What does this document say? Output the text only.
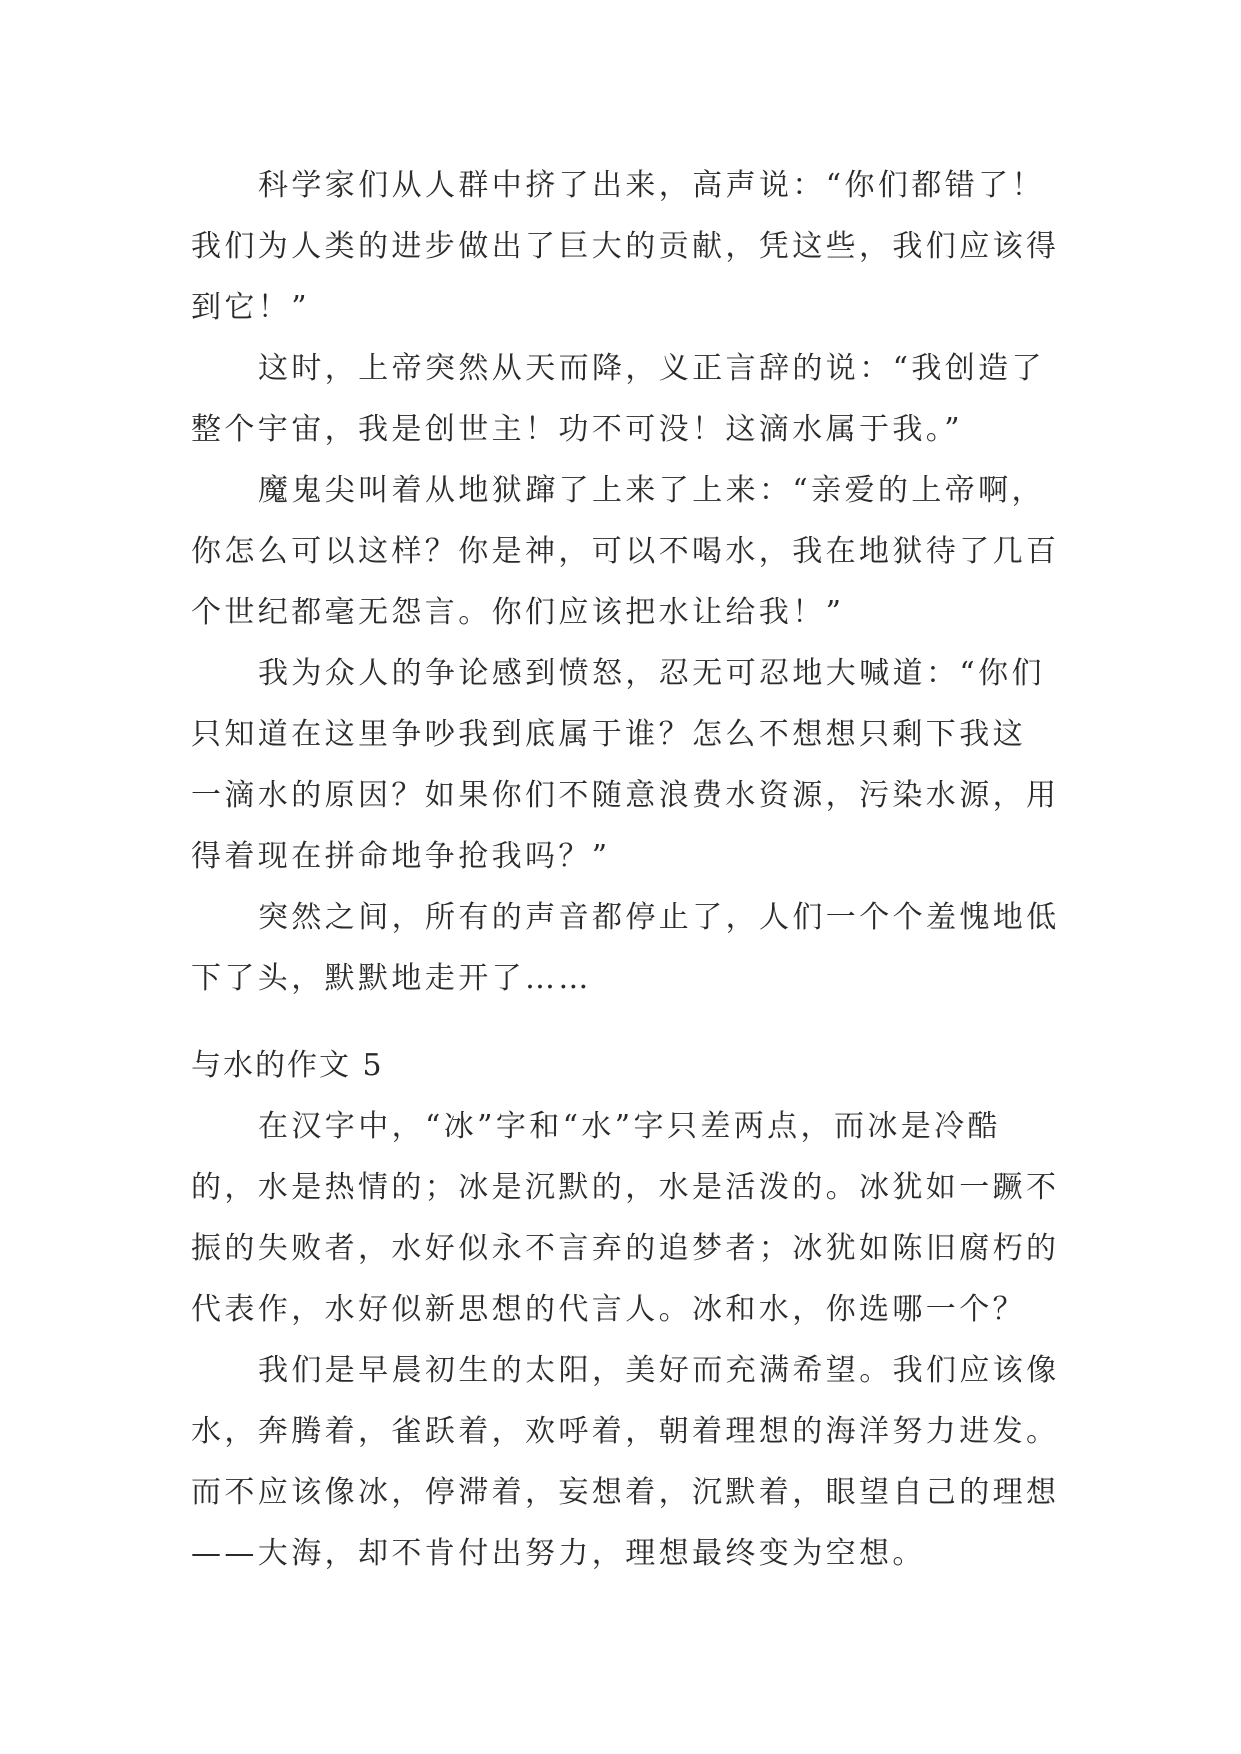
科学家们从人群中挤了出来，高声说：“你们都错了！
我们为人类的进步做出了巨大的贡献，凭这些，我们应该得
到它！”
这时，上帝突然从天而降，义正言辞的说：“我创造了
整个宇宙，我是创世主！功不可没！这滴水属于我。”
魔鬼尖叫着从地狱蹿了上来了上来：“亲爱的上帝啊，
你怎么可以这样？你是神，可以不喝水，我在地狱待了几百
个世纪都毫无怨言。你们应该把水让给我！”
我为众人的争论感到愤怒，忍无可忍地大喊道：“你们
只知道在这里争吵我到底属于谁？怎么不想想只剩下我这
一滴水的原因？如果你们不随意浪费水资源，污染水源，用
得着现在拼命地争抢我吗？”
突然之间，所有的声音都停止了，人们一个个羞愧地低
下了头，默默地走开了……
与水的作文 5
在汉字中，“冰”字和“水”字只差两点，而冰是冷酷
的，水是热情的；冰是沉默的，水是活泼的。冰犹如一蹶不
振的失败者，水好似永不言弃的追梦者；冰犹如陈旧腐朽的
代表作，水好似新思想的代言人。冰和水，你选哪一个？
我们是早晨初生的太阳，美好而充满希望。我们应该像
水，奔腾着，雀跃着，欢呼着，朝着理想的海洋努力进发。
而不应该像冰，停滞着，妄想着，沉默着，眼望自己的理想
——大海，却不肯付出努力，理想最终变为空想。
